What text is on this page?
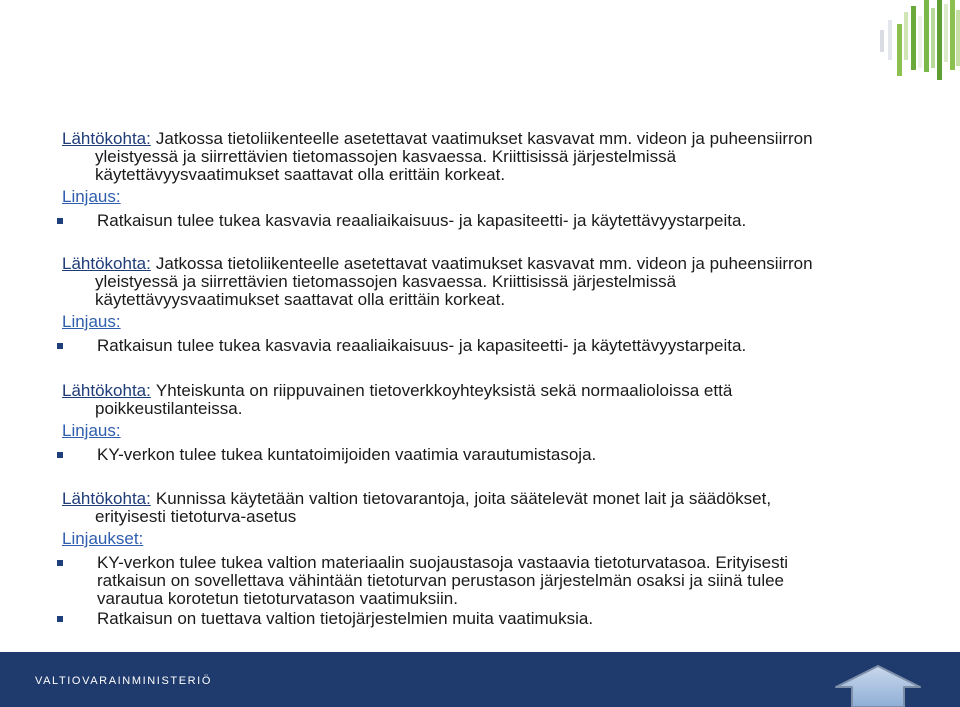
Lähtökohta: Jatkossa tietoliikenteelle asetettavat vaatimukset kasvavat mm. videon ja puheensiirron
yleistyessä ja siirrettävien tietomassojen kasvaessa. Kriittisissä järjestelmissä
käytettävyysvaatimukset saattavat olla erittäin korkeat.
Linjaus:
Ratkaisun tulee tukea kasvavia reaaliaikaisuus- ja kapasiteetti- ja käytettävyystarpeita.
Lähtökohta: Jatkossa tietoliikenteelle asetettavat vaatimukset kasvavat mm. videon ja puheensiirron
yleistyessä ja siirrettävien tietomassojen kasvaessa. Kriittisissä järjestelmissä
käytettävyysvaatimukset saattavat olla erittäin korkeat.
Linjaus:
Ratkaisun tulee tukea kasvavia reaaliaikaisuus- ja kapasiteetti- ja käytettävyystarpeita.
Lähtökohta: Yhteiskunta on riippuvainen tietoverkkoyhteyksistä sekä normaalioloissa että
poikkeustilanteissa.
Linjaus:
KY-verkon tulee tukea kuntatoimijoiden vaatimia varautumistasoja.
Lähtökohta: Kunnissa käytetään valtion tietovarantoja, joita säätelevät monet lait ja säädökset,
erityisesti tietoturva-asetus
Linjaukset:
KY-verkon tulee tukea valtion materiaalin suojaustasoja vastaavia tietoturvatasoa. Erityisesti
ratkaisun on sovellettava vähintään tietoturvan perustason järjestelmän osaksi ja siinä tulee
varautua korotetun tietoturvatason vaatimuksiin.
Ratkaisun on tuettava valtion tietojärjestelmien muita vaatimuksia.
VALTIOVARAINMINISTERIÖ
